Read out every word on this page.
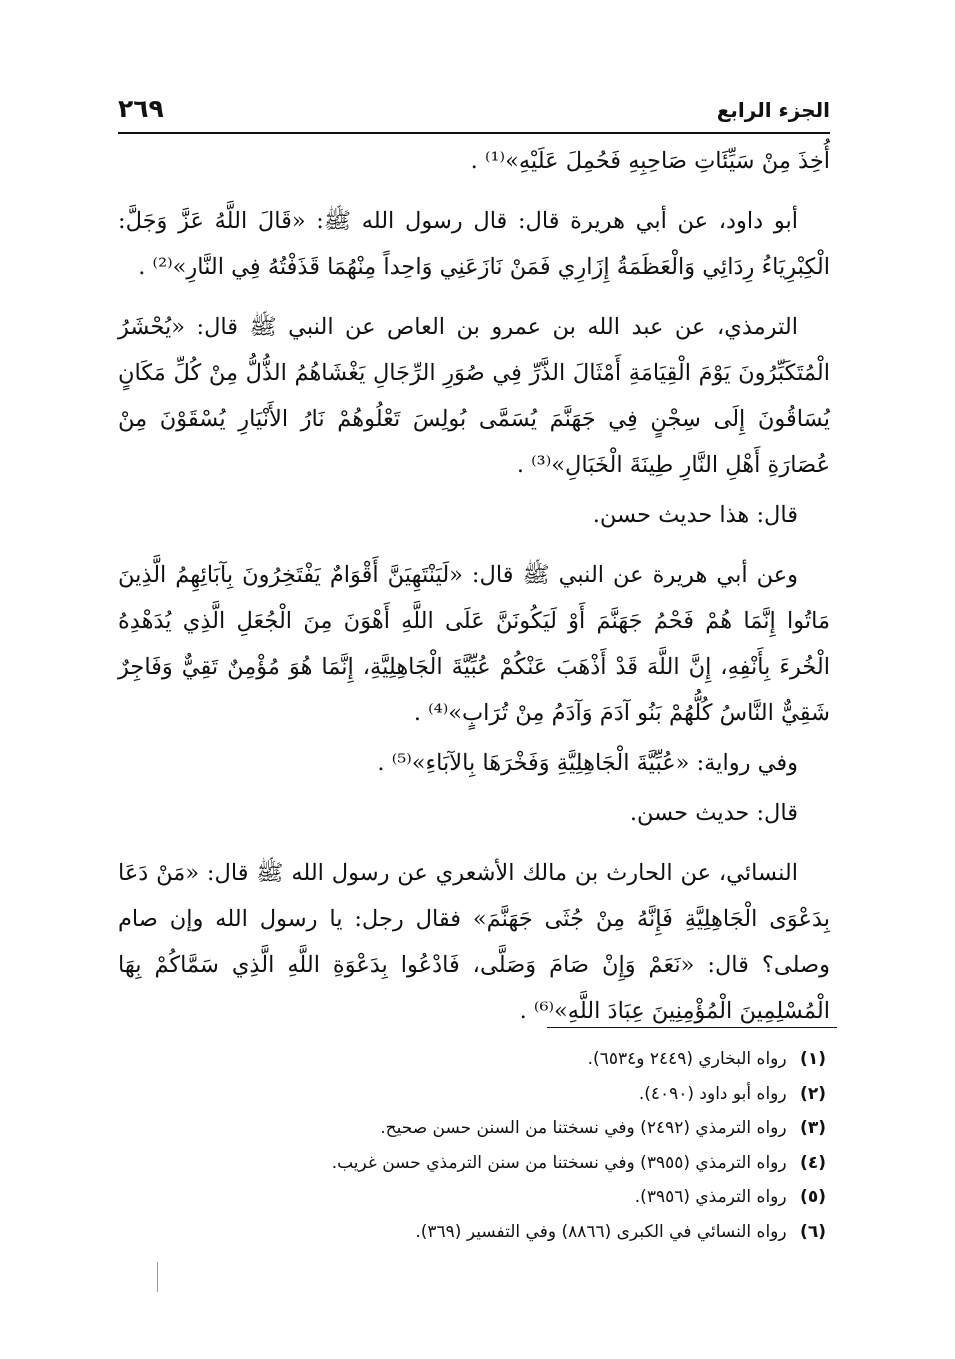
الجزء الرابع
٢٦٩

أُخِذَ مِنْ سَيِّئَاتِ صَاحِبِهِ فَحُمِلَ عَلَيْهِ»⁽¹⁾ .

أبو داود، عن أبي هريرة قال: قال رسول الله ﷺ: «قَالَ اللَّهُ عَزَّ وَجَلَّ: الْكِبْرِيَاءُ رِدَائِي وَالْعَظَمَةُ إِزَارِي فَمَنْ نَازَعَنِي وَاحِداً مِنْهُمَا قَذَفْتُهُ فِي النَّارِ»⁽²⁾ .

الترمذي، عن عبد الله بن عمرو بن العاص عن النبي ﷺ قال: «يُحْشَرُ الْمُتَكَبِّرُونَ يَوْمَ الْقِيَامَةِ أَمْثَالَ الذَّرِّ فِي صُوَرِ الرِّجَالِ يَغْشَاهُمُ الذُّلُّ مِنْ كُلِّ مَكَانٍ يُسَاقُونَ إِلَى سِجْنٍ فِي جَهَنَّمَ يُسَمَّى بُولِسَ تَعْلُوهُمْ نَارُ الأَنْيَارِ يُسْقَوْنَ مِنْ عُصَارَةِ أَهْلِ النَّارِ طِينَةَ الْخَبَالِ»⁽³⁾ .

قال: هذا حديث حسن.

وعن أبي هريرة عن النبي ﷺ قال: «لَيَنْتَهِيَنَّ أَقْوَامٌ يَفْتَخِرُونَ بِآبَائِهِمُ الَّذِينَ مَاتُوا إِنَّمَا هُمْ فَحْمُ جَهَنَّمَ أَوْ لَيَكُونَنَّ عَلَى اللَّهِ أَهْوَنَ مِنَ الْجُعَلِ الَّذِي يُدَهْدِهُ الْخُرءَ بِأَنْفِهِ، إِنَّ اللَّهَ قَدْ أَذْهَبَ عَنْكُمْ عُبِّيَّةَ الْجَاهِلِيَّةِ، إِنَّمَا هُوَ مُؤْمِنٌ تَقِيٌّ وَفَاجِرٌ شَقِيٌّ النَّاسُ كُلُّهُمْ بَنُو آدَمَ وَآدَمُ مِنْ تُرَابٍ»⁽⁴⁾ .

وفي رواية: «عُبِّيَّةَ الْجَاهِلِيَّةِ وَفَخْرَهَا بِالآبَاءِ»⁽⁵⁾ .

قال: حديث حسن.

النسائي، عن الحارث بن مالك الأشعري عن رسول الله ﷺ قال: «مَنْ دَعَا بِدَعْوَى الْجَاهِلِيَّةِ فَإِنَّهُ مِنْ جُثَى جَهَنَّمَ» فقال رجل: يا رسول الله وإن صام وصلى؟ قال: «نَعَمْ وَإِنْ صَامَ وَصَلَّى، فَادْعُوا بِدَعْوَةِ اللَّهِ الَّذِي سَمَّاكُمْ بِهَا الْمُسْلِمِينَ الْمُؤْمِنِينَ عِبَادَ اللَّهِ»⁽⁶⁾ .

(١) رواه البخاري (٢٤٤٩ و٦٥٣٤).

(٢) رواه أبو داود (٤٠٩٠).

(٣) رواه الترمذي (٢٤٩٢) وفي نسختنا من السنن حسن صحيح.

(٤) رواه الترمذي (٣٩٥٥) وفي نسختنا من سنن الترمذي حسن غريب.

(٥) رواه الترمذي (٣٩٥٦).

(٦) رواه النسائي في الكبرى (٨٨٦٦) وفي التفسير (٣٦٩).
